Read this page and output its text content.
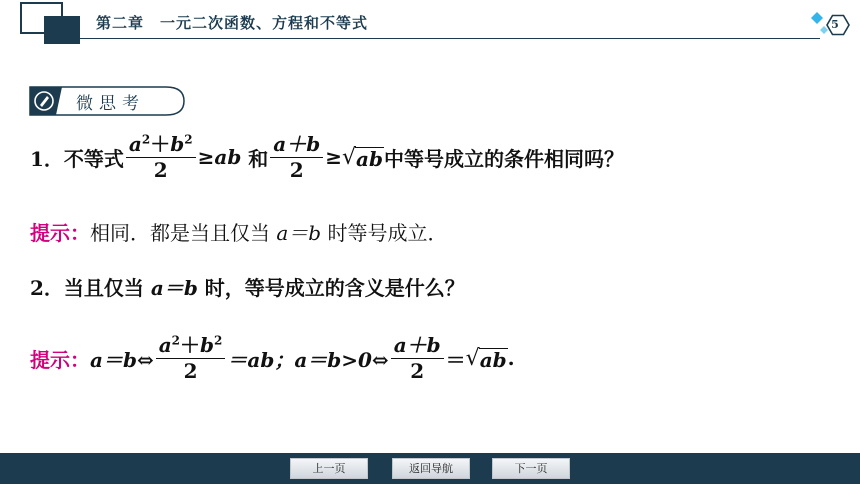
第二章　一元二次函数、方程和不等式	5
微思考
1． 不等式 $\frac{a^2+b^2}{2}$ ≥ ab 和 $\frac{a+b}{2}$ ≥ √ ab 中等号成立的条件相同吗？
提示： 相同．都是当且仅当 a＝b 时等号成立．
2． 当且仅当 a＝b 时，等号成立的含义是什么？
提示： a＝b⇔ $\frac{a^2+b^2}{2} =ab$；a＝b>0⇔ $\frac{a+b}{2}$ ＝ √ ab .
上一页	返回导航	下一页
